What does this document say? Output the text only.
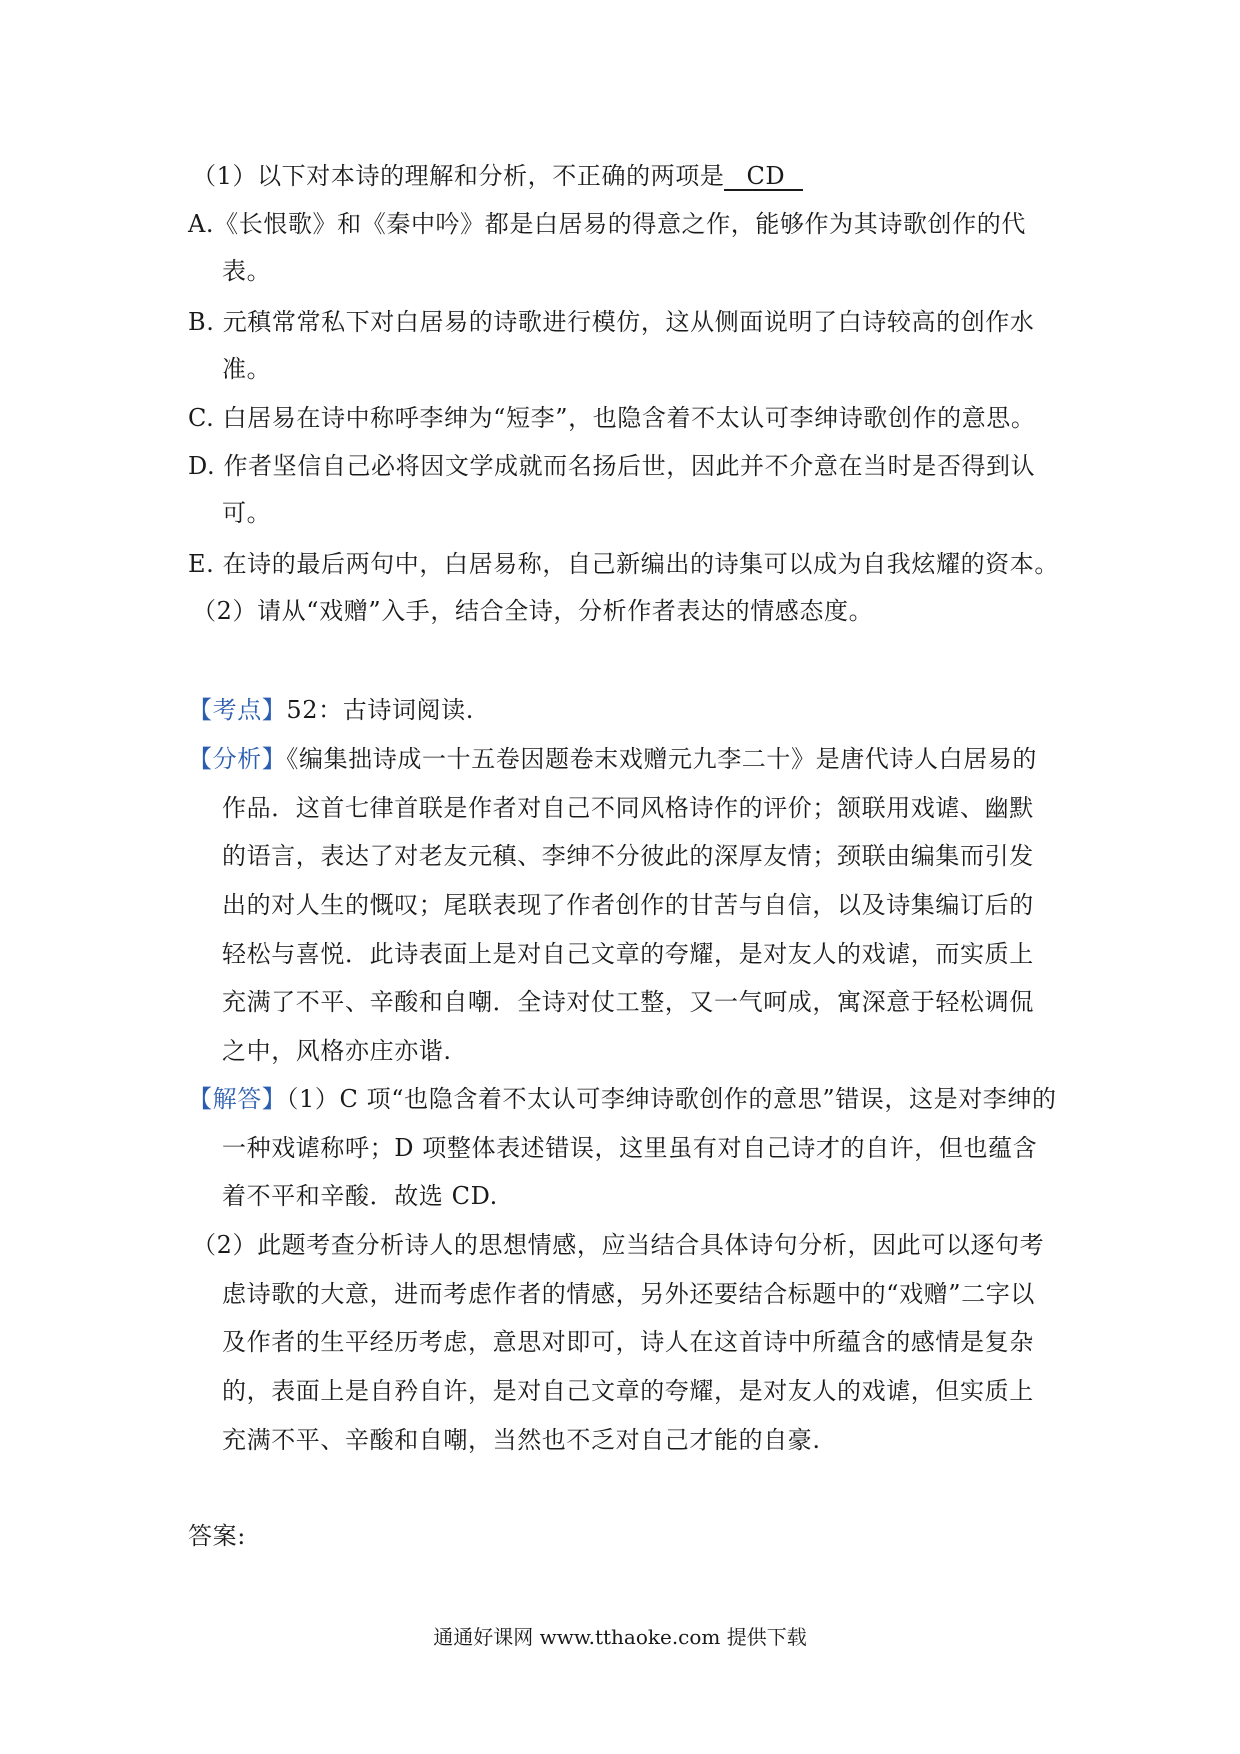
（1）以下对本诗的理解和分析，不正确的两项是 CD
A.《长恨歌》和《秦中吟》都是白居易的得意之作，能够作为其诗歌创作的代
表。
B. 元稹常常私下对白居易的诗歌进行模仿，这从侧面说明了白诗较高的创作水
准。
C. 白居易在诗中称呼李绅为“短李”，也隐含着不太认可李绅诗歌创作的意思。
D. 作者坚信自己必将因文学成就而名扬后世，因此并不介意在当时是否得到认
可。
E. 在诗的最后两句中，白居易称，自己新编出的诗集可以成为自我炫耀的资本。
（2）请从“戏赠”入手，结合全诗，分析作者表达的情感态度。
【考点】52：古诗词阅读.
【分析】《编集拙诗成一十五卷因题卷末戏赠元九李二十》是唐代诗人白居易的
作品．这首七律首联是作者对自己不同风格诗作的评价；颔联用戏谑、幽默
的语言，表达了对老友元稹、李绅不分彼此的深厚友情；颈联由编集而引发
出的对人生的慨叹；尾联表现了作者创作的甘苦与自信，以及诗集编订后的
轻松与喜悦．此诗表面上是对自己文章的夸耀，是对友人的戏谑，而实质上
充满了不平、辛酸和自嘲．全诗对仗工整，又一气呵成，寓深意于轻松调侃
之中，风格亦庄亦谐.
【解答】（1）C 项“也隐含着不太认可李绅诗歌创作的意思”错误，这是对李绅的
一种戏谑称呼；D 项整体表述错误，这里虽有对自己诗才的自许，但也蕴含
着不平和辛酸．故选 CD.
（2）此题考查分析诗人的思想情感，应当结合具体诗句分析，因此可以逐句考
虑诗歌的大意，进而考虑作者的情感，另外还要结合标题中的“戏赠”二字以
及作者的生平经历考虑，意思对即可，诗人在这首诗中所蕴含的感情是复杂
的，表面上是自矜自许，是对自己文章的夸耀，是对友人的戏谑，但实质上
充满不平、辛酸和自嘲，当然也不乏对自己才能的自豪.
答案:
通通好课网 www.tthaoke.com 提供下载
